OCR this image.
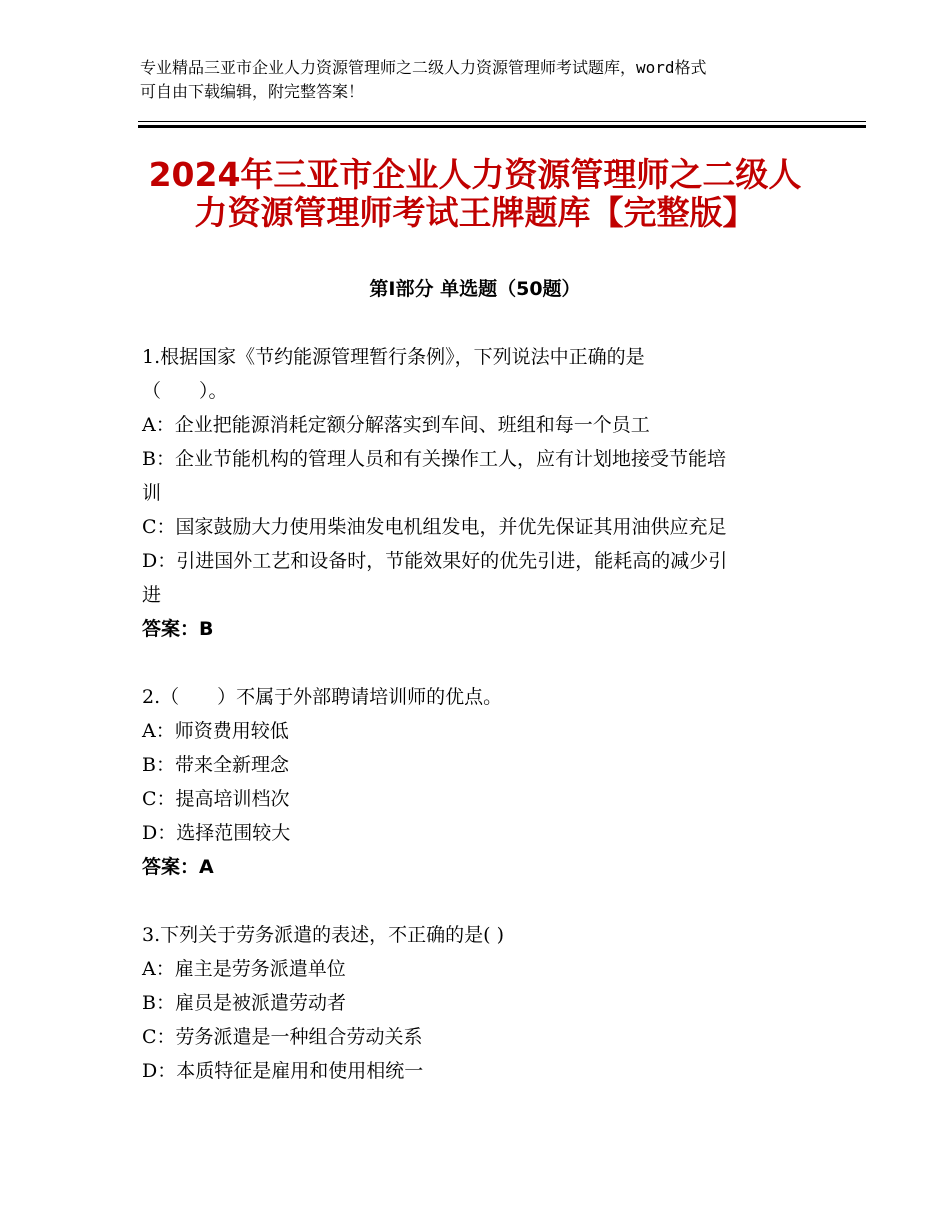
专业精品三亚市企业人力资源管理师之二级人力资源管理师考试题库，word格式
可自由下载编辑，附完整答案！
2024年三亚市企业人力资源管理师之二级人
力资源管理师考试王牌题库【完整版】
第Ⅰ部分 单选题（50题）
1.根据国家《节约能源管理暂行条例》，下列说法中正确的是
（　　）。
A：企业把能源消耗定额分解落实到车间、班组和每一个员工
B：企业节能机构的管理人员和有关操作工人，应有计划地接受节能培
训
C：国家鼓励大力使用柴油发电机组发电，并优先保证其用油供应充足
D：引进国外工艺和设备时，节能效果好的优先引进，能耗高的减少引
进
答案：B
2.（　　）不属于外部聘请培训师的优点。
A：师资费用较低
B：带来全新理念
C：提高培训档次
D：选择范围较大
答案：A
3.下列关于劳务派遣的表述，不正确的是( )
A：雇主是劳务派遣单位
B：雇员是被派遣劳动者
C：劳务派遣是一种组合劳动关系
D：本质特征是雇用和使用相统一
